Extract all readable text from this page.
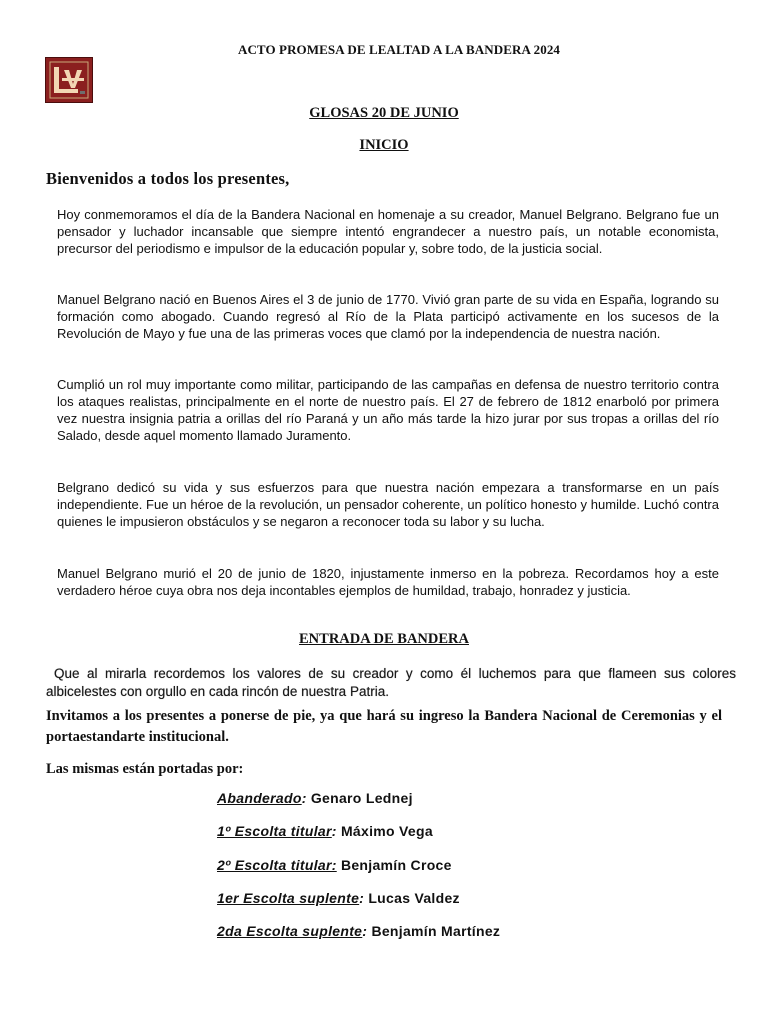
ACTO PROMESA DE LEALTAD A LA BANDERA 2024
GLOSAS 20 DE JUNIO
INICIO
Bienvenidos a todos los presentes,

Hoy conmemoramos el día de la Bandera Nacional en homenaje a su creador, Manuel Belgrano. Belgrano fue un pensador y luchador incansable que siempre intentó engrandecer a nuestro país, un notable economista, precursor del periodismo e impulsor de la educación popular y, sobre todo, de la justicia social.

Manuel Belgrano nació en Buenos Aires el 3 de junio de 1770. Vivió gran parte de su vida en España, logrando su formación como abogado. Cuando regresó al Río de la Plata participó activamente en los sucesos de la Revolución de Mayo y fue una de las primeras voces que clamó por la independencia de nuestra nación.

Cumplió un rol muy importante como militar, participando de las campañas en defensa de nuestro territorio contra los ataques realistas, principalmente en el norte de nuestro país. El 27 de febrero de 1812 enarboló por primera vez nuestra insignia patria a orillas del río Paraná y un año más tarde la hizo jurar por sus tropas a orillas del río Salado, desde aquel momento llamado Juramento.

Belgrano dedicó su vida y sus esfuerzos para que nuestra nación empezara a transformarse en un país independiente. Fue un héroe de la revolución, un pensador coherente, un político honesto y humilde. Luchó contra quienes le impusieron obstáculos y se negaron a reconocer toda su labor y su lucha.

Manuel Belgrano murió el 20 de junio de 1820, injustamente inmerso en la pobreza. Recordamos hoy a este verdadero héroe cuya obra nos deja incontables ejemplos de humildad, trabajo, honradez y justicia.

ENTRADA DE BANDERA
Que al mirarla recordemos los valores de su creador y como él luchemos para que flameen sus colores albicelestes con orgullo en cada rincón de nuestra Patria.
Invitamos a los presentes a ponerse de pie, ya que hará su ingreso la Bandera Nacional de Ceremonias y el portaestandarte institucional.
Las mismas están portadas por:
Abanderado: Genaro Lednej
1º Escolta titular: Máximo Vega
2º Escolta titular: Benjamín Croce
1er Escolta suplente: Lucas Valdez
2da Escolta suplente: Benjamín Martínez
